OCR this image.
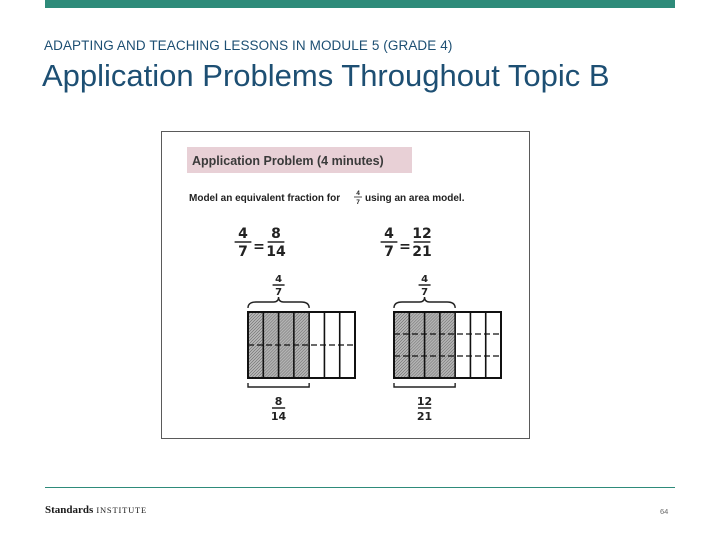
ADAPTING AND TEACHING LESSONS IN MODULE 5 (GRADE 4)
Application Problems Throughout Topic B
Application Problem (4 minutes)
Model an equivalent fraction for 4
7 using an area model.
4
7 =
8
14
4
7
8
14
4
7 =
12
21
4
7
12
21
Standards INSTITUTE	64
